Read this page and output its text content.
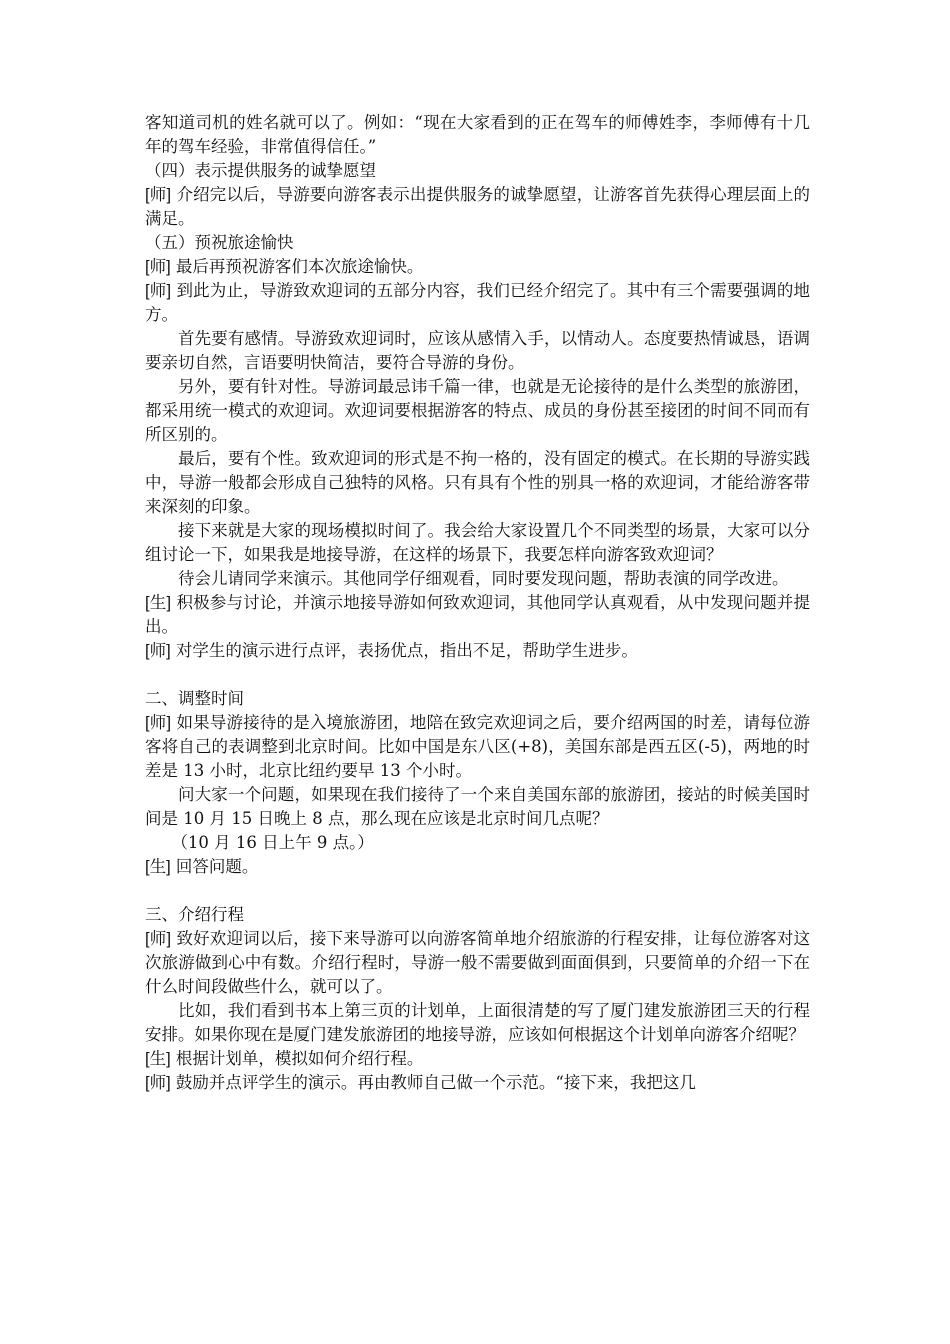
客知道司机的姓名就可以了。例如：“现在大家看到的正在驾车的师傅姓李，李师傅有十几年的驾车经验，非常值得信任。”

（四）表示提供服务的诚挚愿望

[师] 介绍完以后，导游要向游客表示出提供服务的诚挚愿望，让游客首先获得心理层面上的满足。

（五）预祝旅途愉快

[师] 最后再预祝游客们本次旅途愉快。

[师] 到此为止，导游致欢迎词的五部分内容，我们已经介绍完了。其中有三个需要强调的地方。

首先要有感情。导游致欢迎词时，应该从感情入手，以情动人。态度要热情诚恳，语调要亲切自然，言语要明快简洁，要符合导游的身份。

另外，要有针对性。导游词最忌讳千篇一律，也就是无论接待的是什么类型的旅游团，都采用统一模式的欢迎词。欢迎词要根据游客的特点、成员的身份甚至接团的时间不同而有所区别的。

最后，要有个性。致欢迎词的形式是不拘一格的，没有固定的模式。在长期的导游实践中，导游一般都会形成自己独特的风格。只有具有个性的别具一格的欢迎词，才能给游客带来深刻的印象。

接下来就是大家的现场模拟时间了。我会给大家设置几个不同类型的场景，大家可以分组讨论一下，如果我是地接导游，在这样的场景下，我要怎样向游客致欢迎词？

待会儿请同学来演示。其他同学仔细观看，同时要发现问题，帮助表演的同学改进。

[生] 积极参与讨论，并演示地接导游如何致欢迎词，其他同学认真观看，从中发现问题并提出。

[师] 对学生的演示进行点评，表扬优点，指出不足，帮助学生进步。

二、调整时间

[师] 如果导游接待的是入境旅游团，地陪在致完欢迎词之后，要介绍两国的时差，请每位游客将自己的表调整到北京时间。比如中国是东八区(+8)，美国东部是西五区(-5)，两地的时差是 13 小时，北京比纽约要早 13 个小时。

问大家一个问题，如果现在我们接待了一个来自美国东部的旅游团，接站的时候美国时间是 10 月 15 日晚上 8 点，那么现在应该是北京时间几点呢？

（10 月 16 日上午 9 点。）

[生] 回答问题。

三、介绍行程

[师] 致好欢迎词以后，接下来导游可以向游客简单地介绍旅游的行程安排，让每位游客对这次旅游做到心中有数。介绍行程时，导游一般不需要做到面面俱到，只要简单的介绍一下在什么时间段做些什么，就可以了。

比如，我们看到书本上第三页的计划单，上面很清楚的写了厦门建发旅游团三天的行程安排。如果你现在是厦门建发旅游团的地接导游，应该如何根据这个计划单向游客介绍呢？

[生] 根据计划单，模拟如何介绍行程。

[师] 鼓励并点评学生的演示。再由教师自己做一个示范。“接下来，我把这几
